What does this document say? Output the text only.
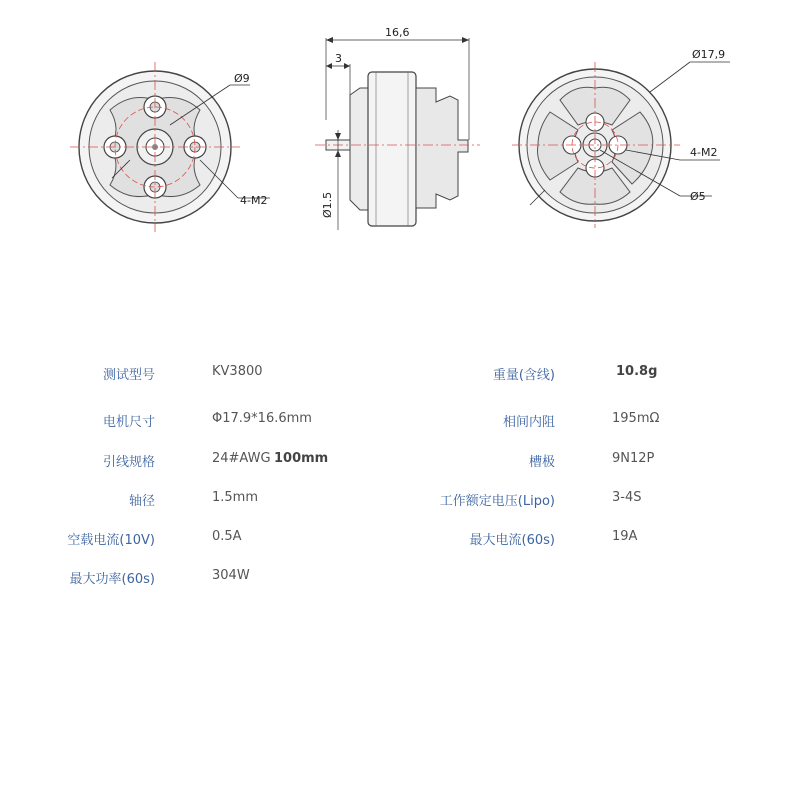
Ø9
4-M2
16,6
3
Ø1.5
Ø17,9
4-M2
Ø5
测试型号	KV3800
电机尺寸	Φ17.9*16.6mm
引线规格	24#AWG 100mm
轴径	1.5mm
空载电流(10V)	0.5A
最大功率(60s)	304W
重量(含线)	10.8g
相间内阻	195mΩ
槽极	9N12P
工作额定电压(Lipo)	3-4S
最大电流(60s)	19A
